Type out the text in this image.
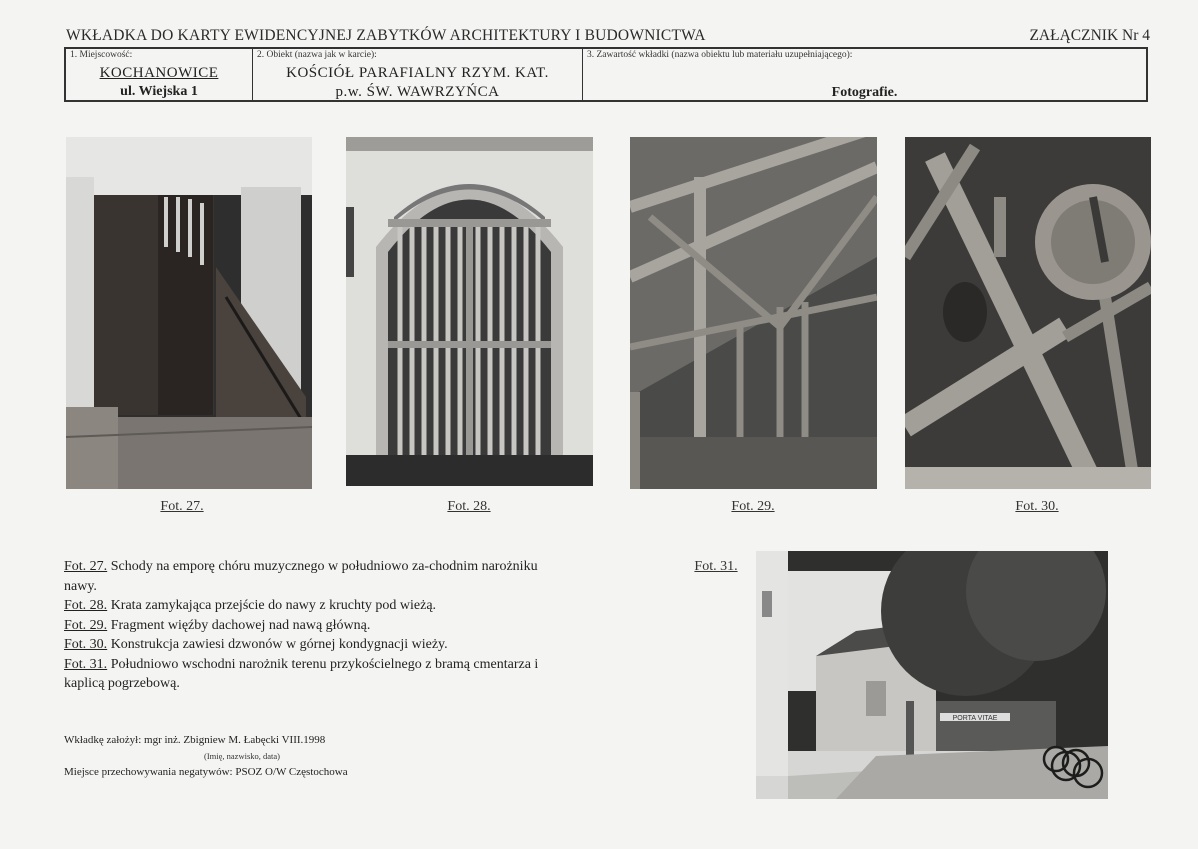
WKŁADKA DO KARTY EWIDENCYJNEJ ZABYTKÓW ARCHITEKTURY I BUDOWNICTWA	ZAŁĄCZNIK Nr 4
1. Miejscowość:
KOCHANOWICE
ul. Wiejska 1
2. Obiekt (nazwa jak w karcie):
KOŚCIÓŁ PARAFIALNY RZYM. KAT.
p.w. ŚW. WAWRZYŃCA
3. Zawartość wkładki (nazwa obiektu lub materiału uzupełniającego):
Fotografie.
Fot. 27.	Fot. 28.	Fot. 29.	Fot. 30.
Fot. 31.
PORTA VITAE

Fot. 27. Schody na emporę chóru muzycznego w południowo za-chodnim narożniku nawy.

Fot. 28. Krata zamykająca przejście do nawy z kruchty pod wieżą.

Fot. 29. Fragment więźby dachowej nad nawą główną.

Fot. 30. Konstrukcja zawiesi dzwonów w górnej kondygnacji wieży.

Fot. 31. Południowo wschodni narożnik terenu przykościelnego z bramą cmentarza i kaplicą pogrzebową.

Wkładkę założył: mgr inż. Zbigniew M. Łabęcki VIII.1998
(Imię, nazwisko, data)
Miejsce przechowywania negatywów: PSOZ O/W Częstochowa
